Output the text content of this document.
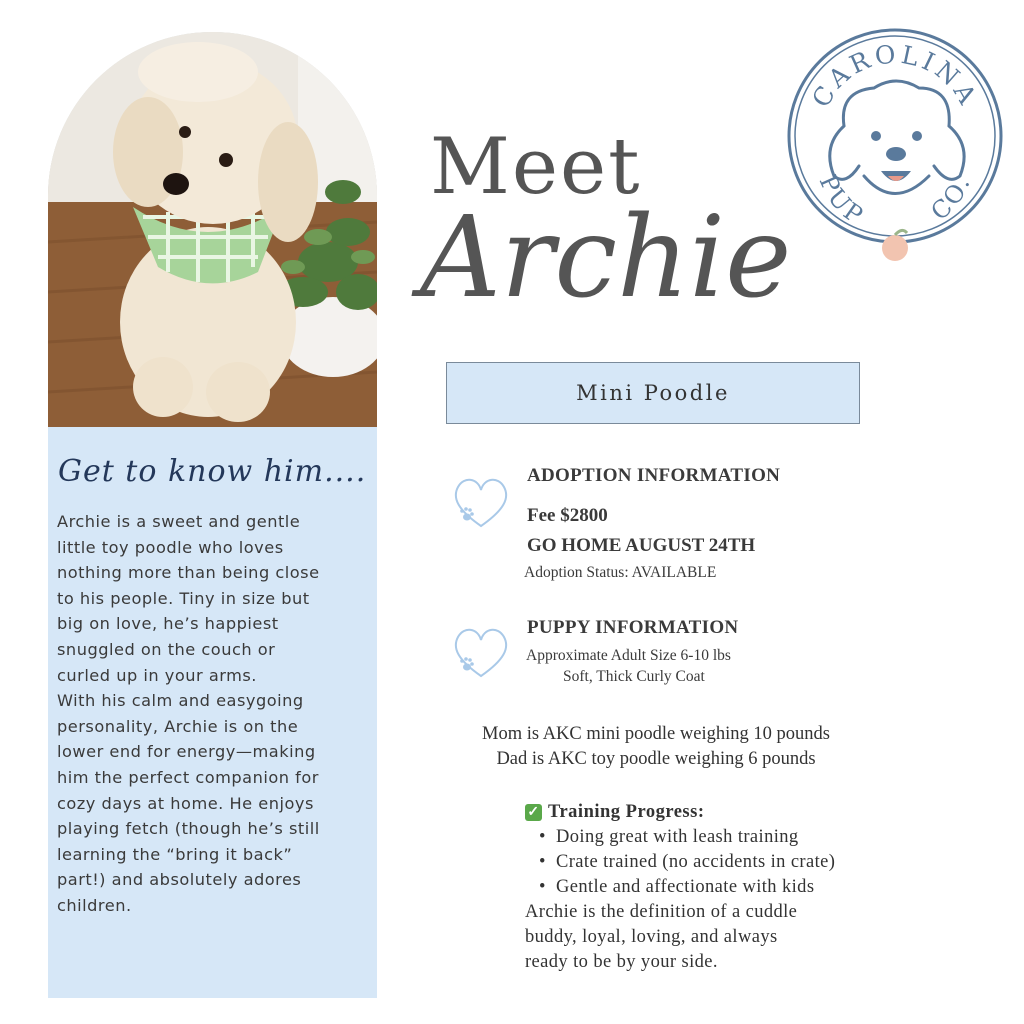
Get to know him....
Archie is a sweet and gentle
little toy poodle who loves
nothing more than being close
to his people. Tiny in size but
big on love, he’s happiest
snuggled on the couch or
curled up in your arms.
With his calm and easygoing
personality, Archie is on the
lower end for energy—making
him the perfect companion for
cozy days at home. He enjoys
playing fetch (though he’s still
learning the “bring it back”
part!) and absolutely adores
children.
Meet
Archie
CAROLINA
PUP CO.
Mini Poodle
ADOPTION INFORMATION
Fee $2800
GO HOME AUGUST 24TH
Adoption Status: AVAILABLE
PUPPY INFORMATION
Approximate Adult Size 6-10 lbs
Soft, Thick Curly Coat
Mom is AKC mini poodle weighing 10 pounds
Dad is AKC toy poodle weighing 6 pounds
✓ Training Progress:
• Doing great with leash training
• Crate trained (no accidents in crate)
• Gentle and affectionate with kids
Archie is the definition of a cuddle
buddy, loyal, loving, and always
ready to be by your side.
